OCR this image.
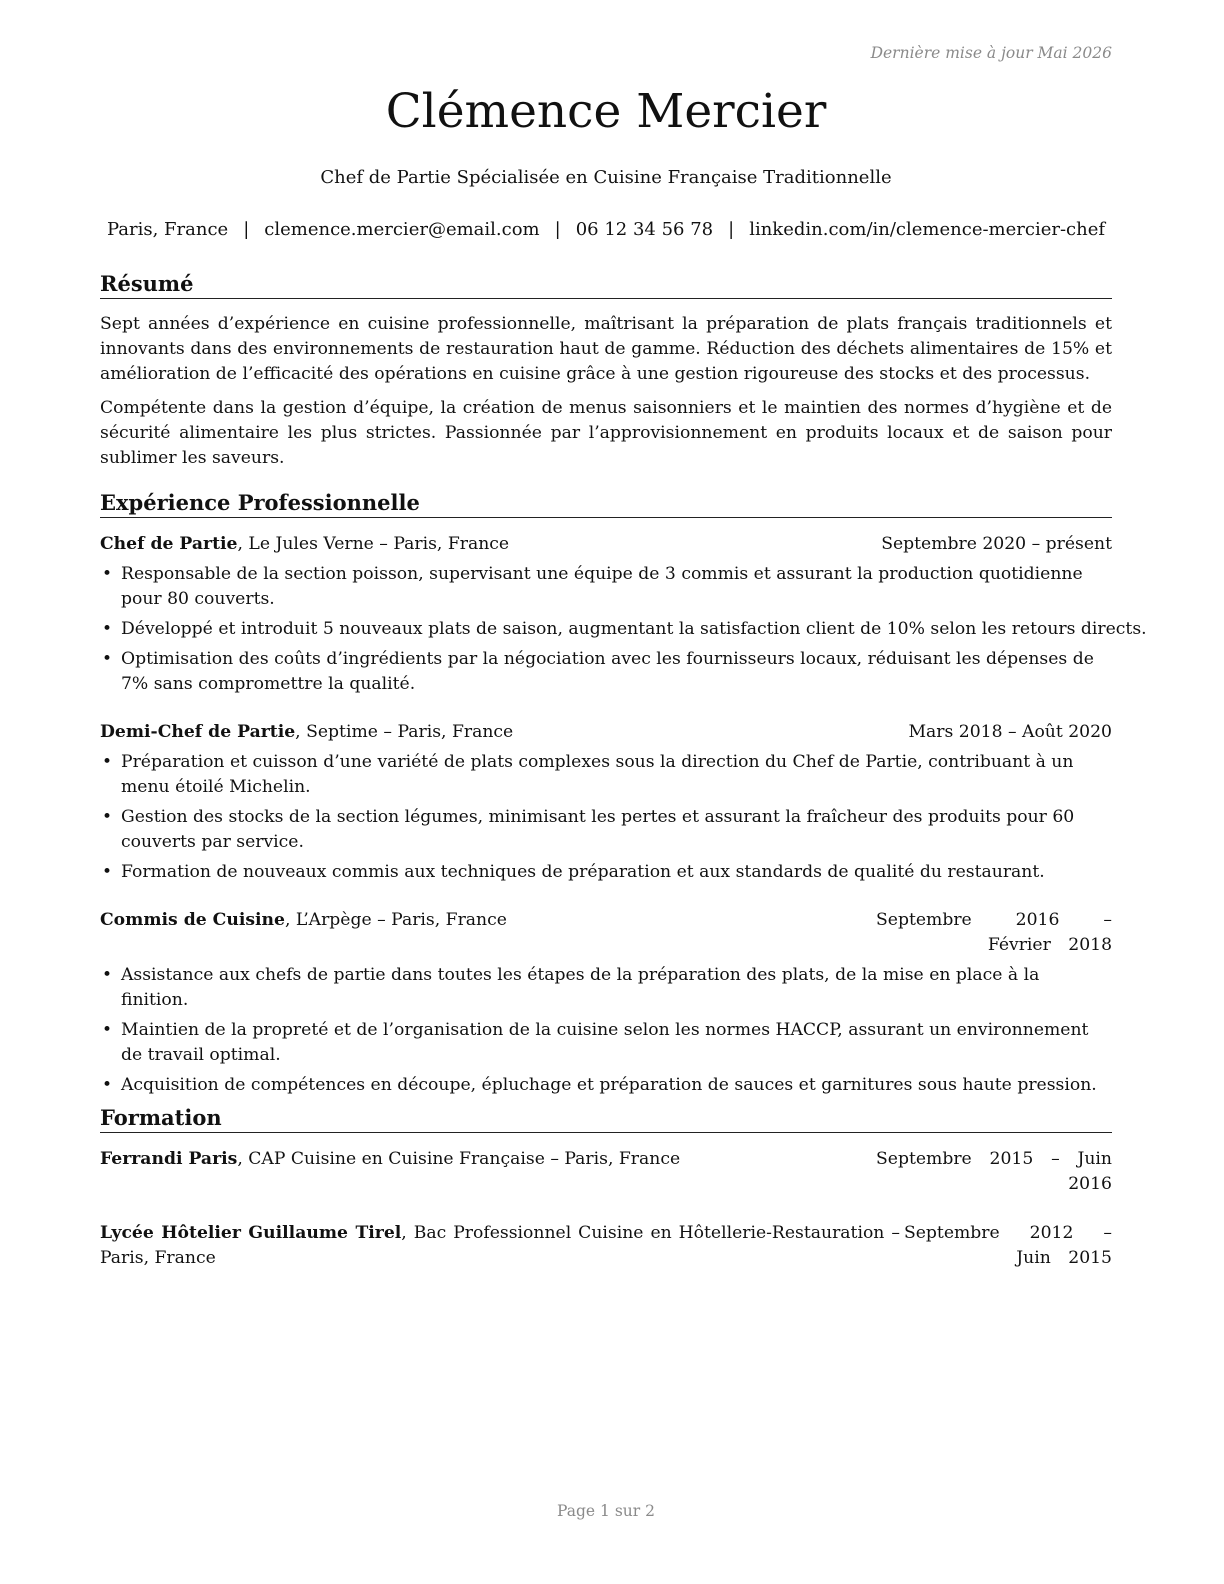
Dernière mise à jour Mai 2026
Clémence Mercier
Chef de Partie Spécialisée en Cuisine Française Traditionnelle
Paris, France | clemence.mercier@email.com | 06 12 34 56 78 | linkedin.com/in/clemence-mercier-chef
Résumé

Sept années d’expérience en cuisine professionnelle, maîtrisant la préparation de plats français traditionnels et innovants dans des environnements de restauration haut de gamme. Réduction des déchets alimentaires de 15% et amélioration de l’efficacité des opérations en cuisine grâce à une gestion rigoureuse des stocks et des processus.

Compétente dans la gestion d’équipe, la création de menus saisonniers et le maintien des normes d’hygiène et de sécurité alimentaire les plus strictes. Passionnée par l’approvisionnement en produits locaux et de saison pour sublimer les saveurs.

Expérience Professionnelle
Chef de Partie, Le Jules Verne – Paris, France	Septembre 2020 – présent
• Responsable de la section poisson, supervisant une équipe de 3 commis et assurant la production quotidienne pour 80 couverts.
• Développé et introduit 5 nouveaux plats de saison, augmentant la satisfaction client de 10% selon les retours directs.
• Optimisation des coûts d’ingrédients par la négociation avec les fournisseurs locaux, réduisant les dépenses de 7% sans compromettre la qualité.
Demi-Chef de Partie, Septime – Paris, France	Mars 2018 – Août 2020
• Préparation et cuisson d’une variété de plats complexes sous la direction du Chef de Partie, contribuant à un menu étoilé Michelin.
• Gestion des stocks de la section légumes, minimisant les pertes et assurant la fraîcheur des produits pour 60 couverts par service.
• Formation de nouveaux commis aux techniques de préparation et aux standards de qualité du restaurant.
Commis de Cuisine, L’Arpège – Paris, France	Septembre 2016 – Février 2018
• Assistance aux chefs de partie dans toutes les étapes de la préparation des plats, de la mise en place à la finition.
• Maintien de la propreté et de l’organisation de la cuisine selon les normes HACCP, assurant un environnement de travail optimal.
• Acquisition de compétences en découpe, épluchage et préparation de sauces et garnitures sous haute pression.
Formation
Ferrandi Paris, CAP Cuisine en Cuisine Française – Paris, France	Septembre 2015 – Juin 2016
Lycée Hôtelier Guillaume Tirel, Bac Professionnel Cuisine en Hôtellerie-Restauration – Paris, France
Septembre 2012 – Juin 2015
Page 1 sur 2
